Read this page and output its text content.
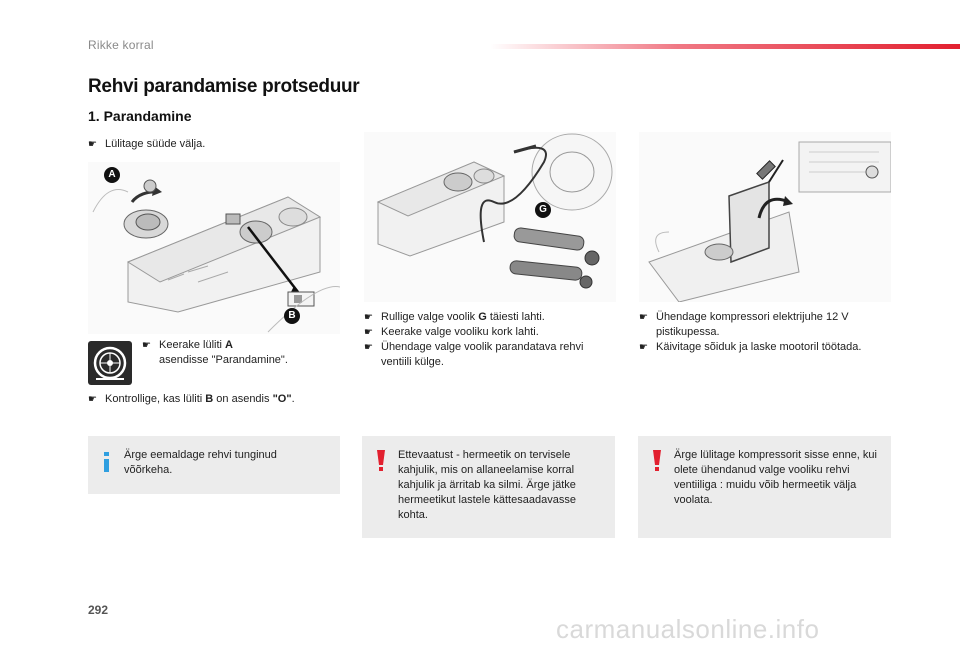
Rikke korral
Rehvi parandamise protseduur
1. Parandamine
☛ Lülitage süüde välja.
A
B
☛ Keerake lüliti A
asendisse "Parandamine".
☛ Kontrollige, kas lüliti B on asendis "O".
G
☛ Rullige valge voolik G täiesti lahti.
☛ Keerake valge vooliku kork lahti.
☛ Ühendage valge voolik parandatava rehvi ventiili külge.
☛ Ühendage kompressori elektrijuhe 12 V pistikupessa.
☛ Käivitage sõiduk ja laske mootoril töötada.
Ärge eemaldage rehvi tunginud võõrkeha.
Ettevaatust - hermeetik on tervisele kahjulik, mis on allaneelamise korral kahjulik ja ärritab ka silmi. Ärge jätke hermeetikut lastele kättesaadavasse kohta.
Ärge lülitage kompressorit sisse enne, kui olete ühendanud valge vooliku rehvi ventiiliga : muidu võib hermeetik välja voolata.
292
carmanualsonline.info
